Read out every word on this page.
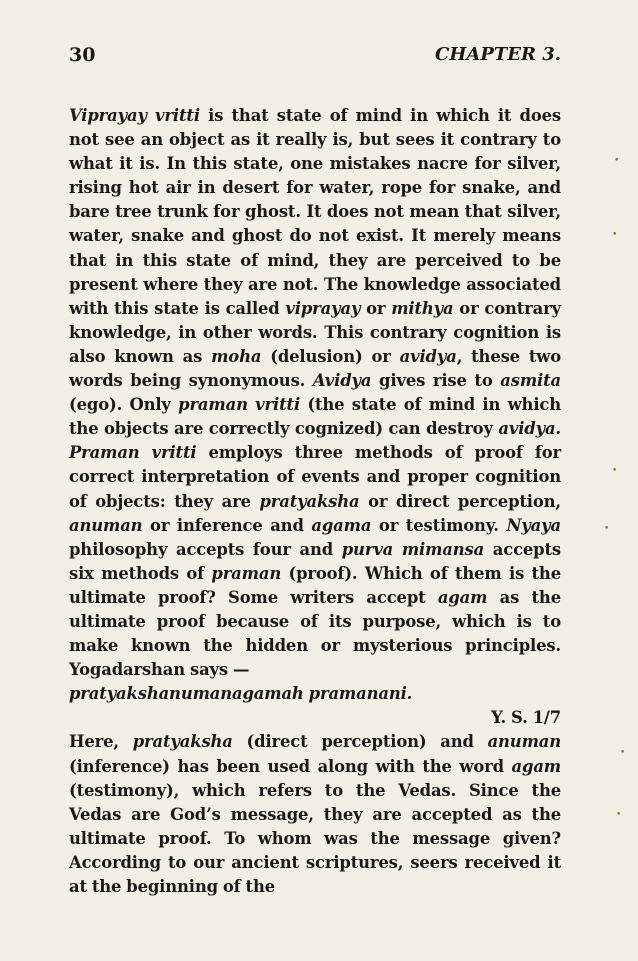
30	CHAPTER 3.

Viprayay vritti is that state of mind in which it does not see an object as it really is, but sees it contrary to what it is. In this state, one mistakes nacre for silver, rising hot air in desert for water, rope for snake, and bare tree trunk for ghost. It does not mean that silver, water, snake and ghost do not exist. It merely means that in this state of mind, they are perceived to be present where they are not. The knowledge associated with this state is called viprayay or mithya or contrary knowledge, in other words. This contrary cognition is also known as moha (delusion) or avidya, these two words being synonymous. Avidya gives rise to asmita (ego). Only praman vritti (the state of mind in which the objects are correctly cognized) can destroy avidya. Praman vritti employs three methods of proof for correct interpretation of events and proper cognition of objects: they are pratyaksha or direct perception, anuman or inference and agama or testimony. Nyaya philosophy accepts four and purva mimansa accepts six methods of praman (proof). Which of them is the ultimate proof? Some writers accept agam as the ultimate proof because of its purpose, which is to make known the hidden or mysterious principles. Yogadarshan says —

pratyakshanumanagamah pramanani.

Y. S. 1/7

Here, pratyaksha (direct perception) and anuman (inference) has been used along with the word agam (testimony), which refers to the Vedas. Since the Vedas are God’s message, they are accepted as the ultimate proof. To whom was the message given? According to our ancient scriptures, seers received it at the beginning of the

•
•
•
•
•
•
